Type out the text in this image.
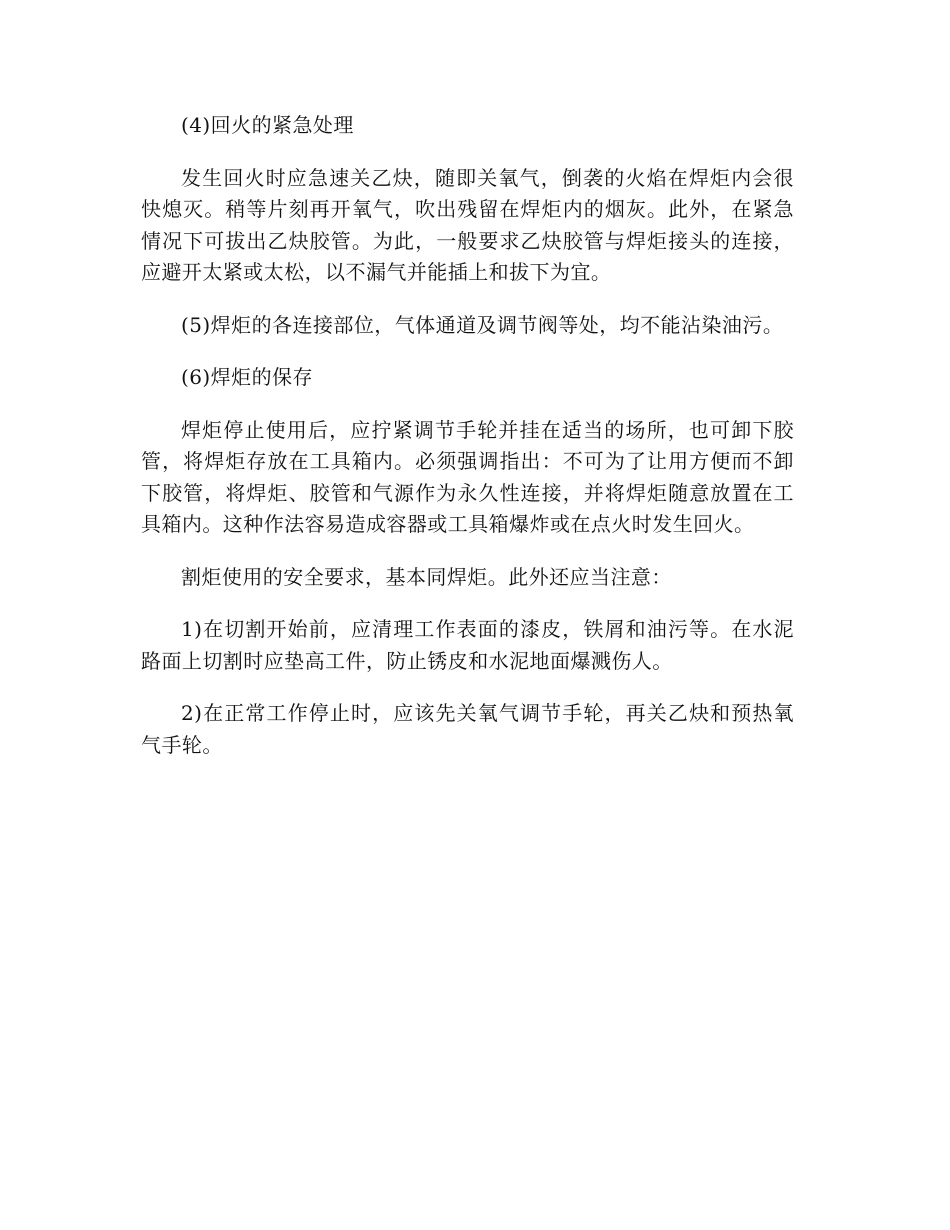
(4)回火的紧急处理

发生回火时应急速关乙炔，随即关氧气，倒袭的火焰在焊炬内会很快熄灭。稍等片刻再开氧气，吹出残留在焊炬内的烟灰。此外，在紧急情况下可拔出乙炔胶管。为此，一般要求乙炔胶管与焊炬接头的连接，应避开太紧或太松，以不漏气并能插上和拔下为宜。

(5)焊炬的各连接部位，气体通道及调节阀等处，均不能沾染油污。

(6)焊炬的保存

焊炬停止使用后，应拧紧调节手轮并挂在适当的场所，也可卸下胶管，将焊炬存放在工具箱内。必须强调指出：不可为了让用方便而不卸下胶管，将焊炬、胶管和气源作为永久性连接，并将焊炬随意放置在工具箱内。这种作法容易造成容器或工具箱爆炸或在点火时发生回火。

割炬使用的安全要求，基本同焊炬。此外还应当注意：

1)在切割开始前，应清理工作表面的漆皮，铁屑和油污等。在水泥路面上切割时应垫高工件，防止锈皮和水泥地面爆溅伤人。

2)在正常工作停止时，应该先关氧气调节手轮，再关乙炔和预热氧气手轮。
